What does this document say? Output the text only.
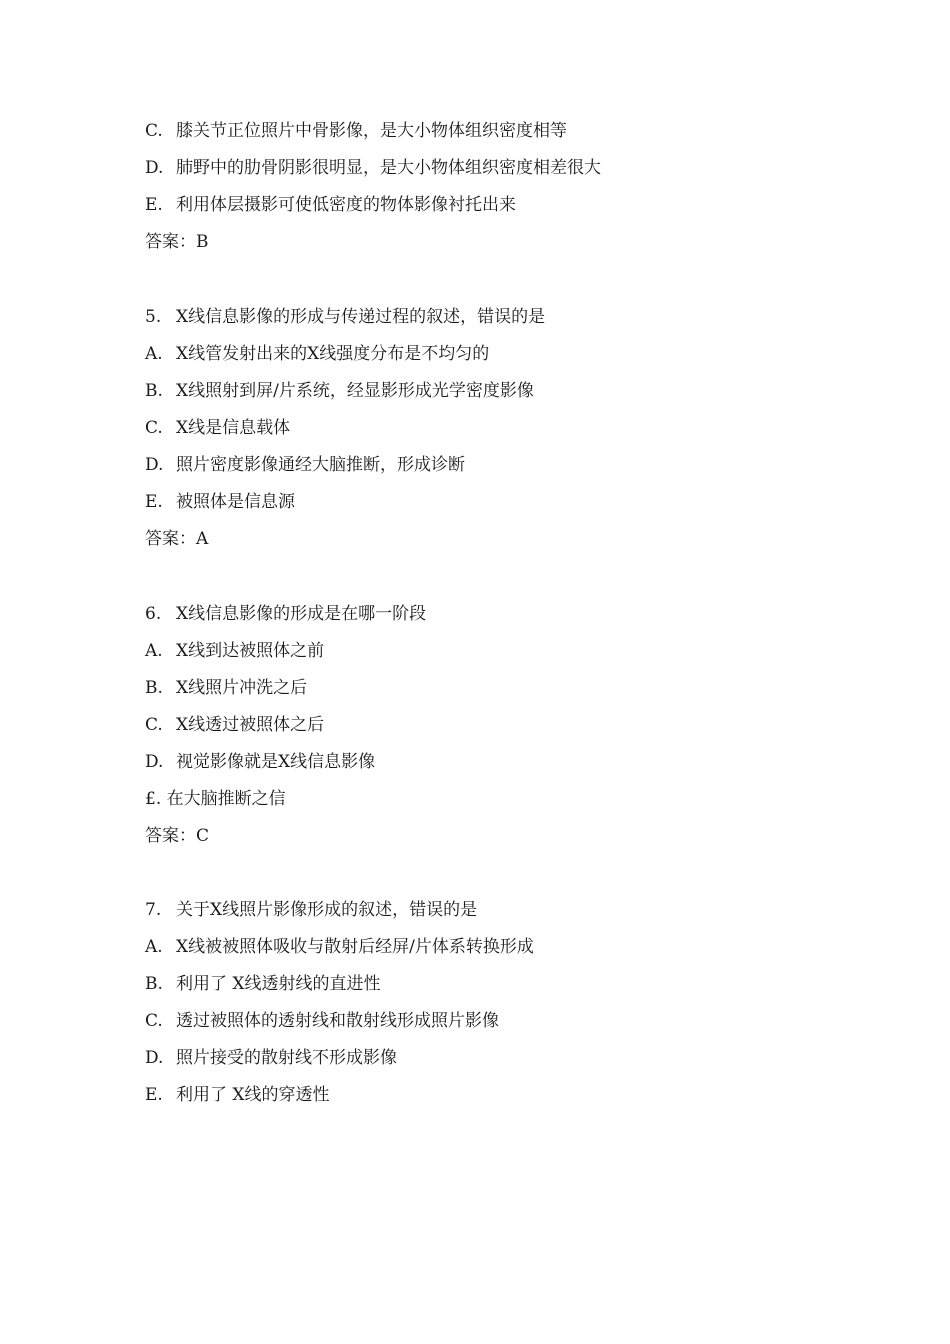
C. 膝关节正位照片中骨影像，是大小物体组织密度相等
D. 肺野中的肋骨阴影很明显，是大小物体组织密度相差很大
E. 利用体层摄影可使低密度的物体影像衬托出来
答案：B
5. X线信息影像的形成与传递过程的叙述，错误的是
A. X线管发射出来的X线强度分布是不均匀的
B. X线照射到屏/片系统，经显影形成光学密度影像
C. X线是信息载体
D. 照片密度影像通经大脑推断，形成诊断
E. 被照体是信息源
答案：A
6. X线信息影像的形成是在哪一阶段
A. X线到达被照体之前
B. X线照片冲洗之后
C. X线透过被照体之后
D. 视觉影像就是X线信息影像
£. 在大脑推断之信
答案：C
7. 关于X线照片影像形成的叙述，错误的是
A. X线被被照体吸收与散射后经屏/片体系转换形成
B. 利用了 X线透射线的直进性
C. 透过被照体的透射线和散射线形成照片影像
D. 照片接受的散射线不形成影像
E. 利用了 X线的穿透性
